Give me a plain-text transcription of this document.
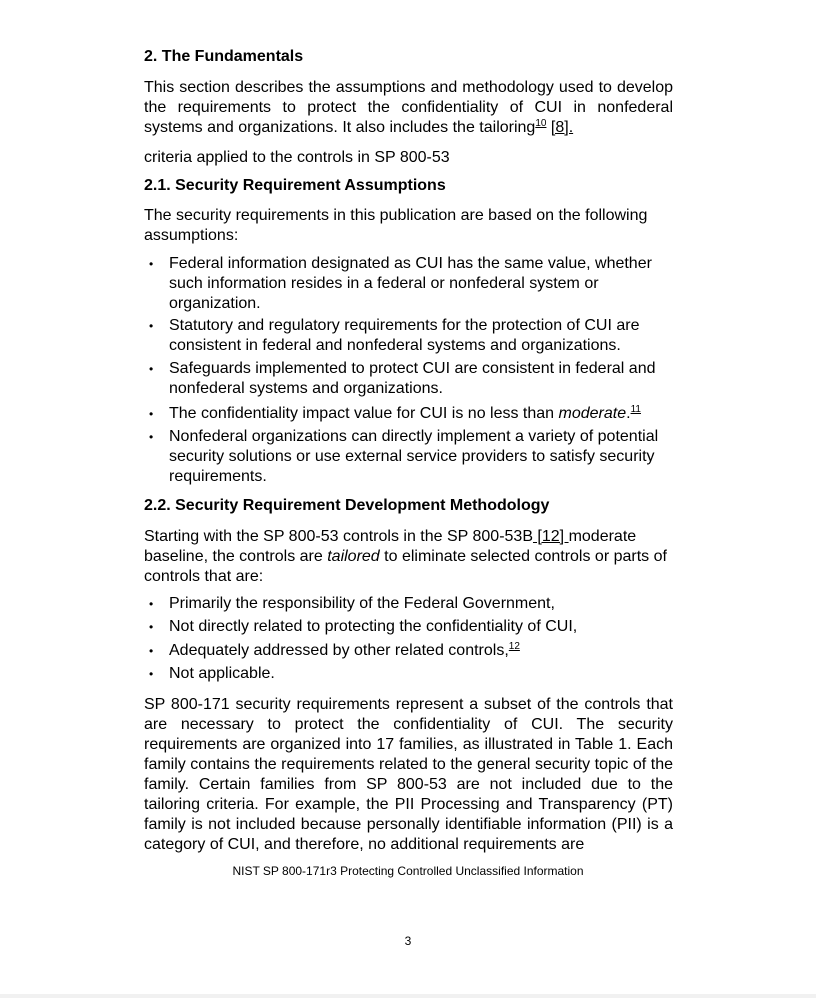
2. The Fundamentals

This section describes the assumptions and methodology used to develop the requirements to protect the confidentiality of CUI in nonfederal systems and organizations. It also includes the tailoring$^{10}$ [8].

criteria applied to the controls in SP 800-53

2.1. Security Requirement Assumptions

The security requirements in this publication are based on the following assumptions:

• Federal information designated as CUI has the same value, whether such information resides in a federal or nonfederal system or organization.
• Statutory and regulatory requirements for the protection of CUI are consistent in federal and nonfederal systems and organizations.
• Safeguards implemented to protect CUI are consistent in federal and nonfederal systems and organizations.
• The confidentiality impact value for CUI is no less than moderate.$^{11}$
• Nonfederal organizations can directly implement a variety of potential security solutions or use external service providers to satisfy security requirements.
2.2. Security Requirement Development Methodology

Starting with the SP 800-53 controls in the SP 800-53B [12] moderate baseline, the controls are tailored to eliminate selected controls or parts of controls that are:

• Primarily the responsibility of the Federal Government,
• Not directly related to protecting the confidentiality of CUI,
• Adequately addressed by other related controls,$^{12}$
• Not applicable.

SP 800-171 security requirements represent a subset of the controls that are necessary to protect the confidentiality of CUI. The security requirements are organized into 17 families, as illustrated in Table 1. Each family contains the requirements related to the general security topic of the family. Certain families from SP 800-53 are not included due to the tailoring criteria. For example, the PII Processing and Transparency (PT) family is not included because personally identifiable information (PII) is a category of CUI, and therefore, no additional requirements are

NIST SP 800-171r3 Protecting Controlled Unclassified Information
3
